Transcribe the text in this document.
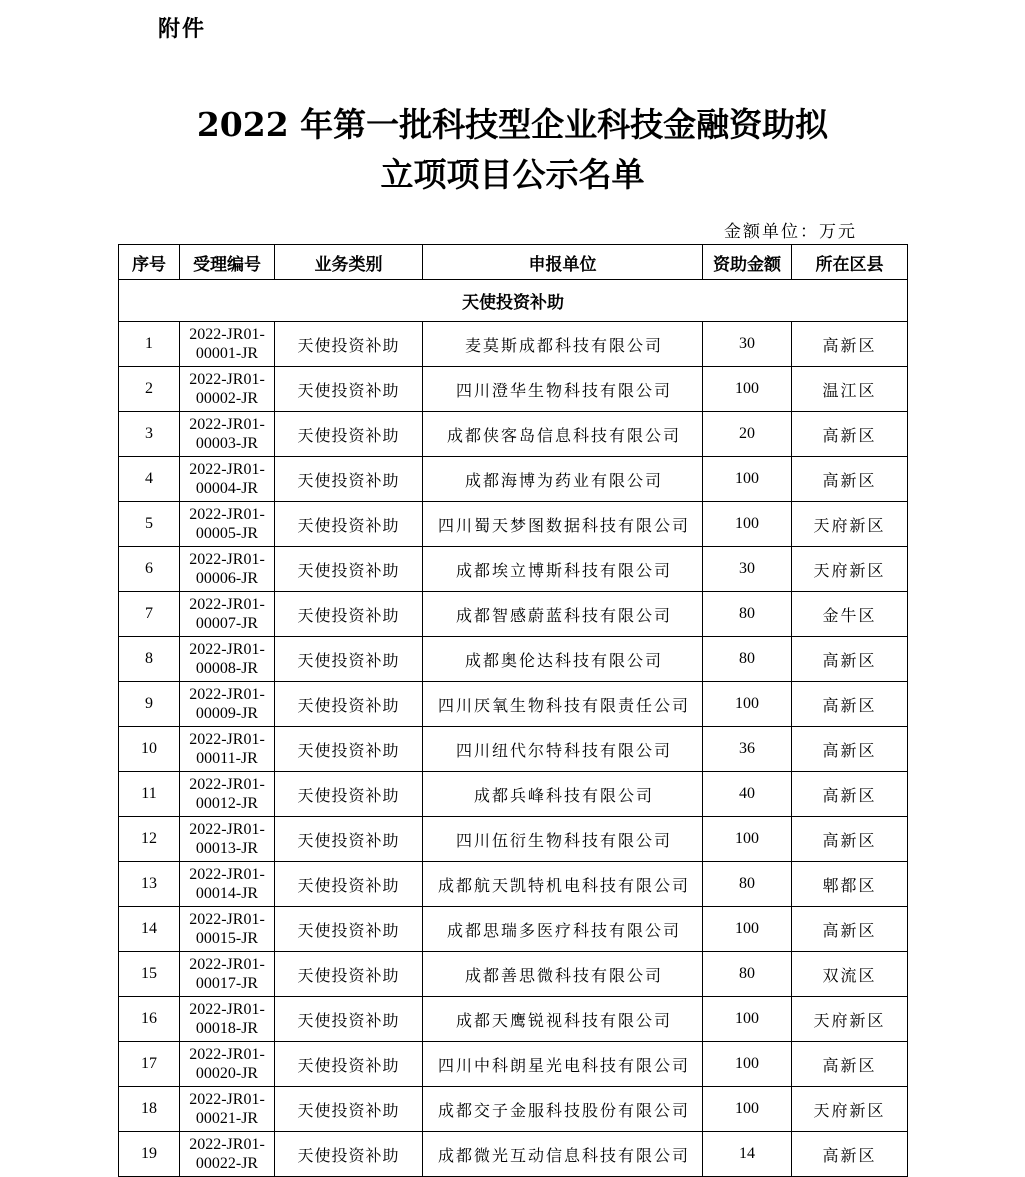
附件
2022 年第一批科技型企业科技金融资助拟
立项项目公示名单
金额单位：万元
序号	受理编号	业务类别	申报单位	资助金额	所在区县
天使投资补助					
1	2022-JR01-
00001-JR	天使投资补助	麦莫斯成都科技有限公司	30	高新区
2	2022-JR01-
00002-JR	天使投资补助	四川澄华生物科技有限公司	100	温江区
3	2022-JR01-
00003-JR	天使投资补助	成都侠客岛信息科技有限公司	20	高新区
4	2022-JR01-
00004-JR	天使投资补助	成都海博为药业有限公司	100	高新区
5	2022-JR01-
00005-JR	天使投资补助	四川蜀天梦图数据科技有限公司	100	天府新区
6	2022-JR01-
00006-JR	天使投资补助	成都埃立博斯科技有限公司	30	天府新区
7	2022-JR01-
00007-JR	天使投资补助	成都智感蔚蓝科技有限公司	80	金牛区
8	2022-JR01-
00008-JR	天使投资补助	成都奥伦达科技有限公司	80	高新区
9	2022-JR01-
00009-JR	天使投资补助	四川厌氧生物科技有限责任公司	100	高新区
10	2022-JR01-
00011-JR	天使投资补助	四川纽代尔特科技有限公司	36	高新区
11	2022-JR01-
00012-JR	天使投资补助	成都兵峰科技有限公司	40	高新区
12	2022-JR01-
00013-JR	天使投资补助	四川伍衍生物科技有限公司	100	高新区
13	2022-JR01-
00014-JR	天使投资补助	成都航天凯特机电科技有限公司	80	郫都区
14	2022-JR01-
00015-JR	天使投资补助	成都思瑞多医疗科技有限公司	100	高新区
15	2022-JR01-
00017-JR	天使投资补助	成都善思微科技有限公司	80	双流区
16	2022-JR01-
00018-JR	天使投资补助	成都天鹰锐视科技有限公司	100	天府新区
17	2022-JR01-
00020-JR	天使投资补助	四川中科朗星光电科技有限公司	100	高新区
18	2022-JR01-
00021-JR	天使投资补助	成都交子金服科技股份有限公司	100	天府新区
19	2022-JR01-
00022-JR	天使投资补助	成都微光互动信息科技有限公司	14	高新区
